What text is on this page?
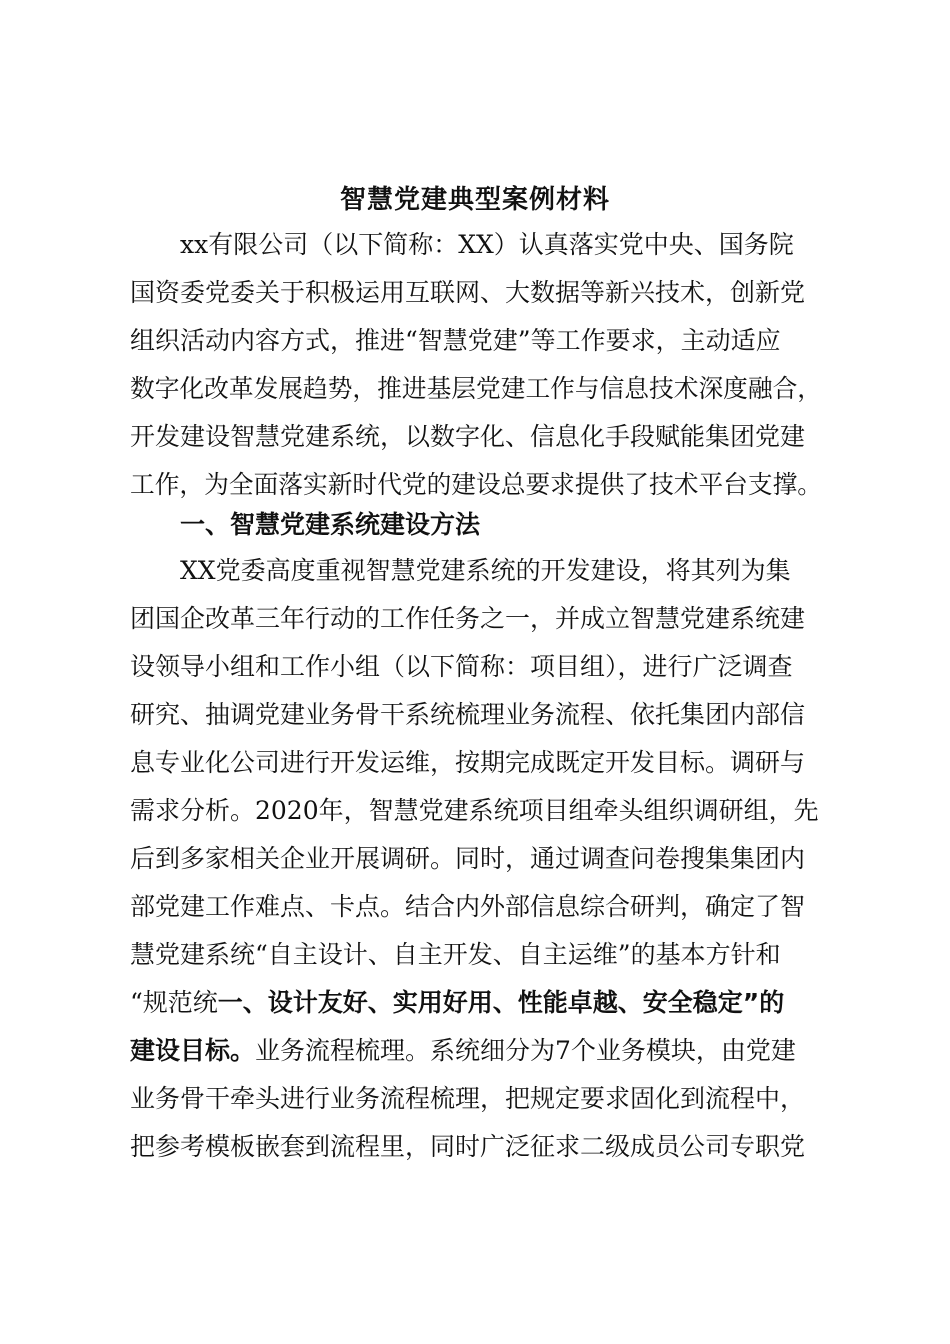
智慧党建典型案例材料
xx有限公司（以下简称：XX）认真落实党中央、国务院
国资委党委关于积极运用互联网、大数据等新兴技术，创新党
组织活动内容方式，推进“智慧党建”等工作要求，主动适应
数字化改革发展趋势，推进基层党建工作与信息技术深度融合，
开发建设智慧党建系统，以数字化、信息化手段赋能集团党建
工作，为全面落实新时代党的建设总要求提供了技术平台支撑。
一、智慧党建系统建设方法
XX党委高度重视智慧党建系统的开发建设，将其列为集
团国企改革三年行动的工作任务之一，并成立智慧党建系统建
设领导小组和工作小组（以下简称：项目组），进行广泛调查
研究、抽调党建业务骨干系统梳理业务流程、依托集团内部信
息专业化公司进行开发运维，按期完成既定开发目标。调研与
需求分析。2020年，智慧党建系统项目组牵头组织调研组，先
后到多家相关企业开展调研。同时，通过调查问卷搜集集团内
部党建工作难点、卡点。结合内外部信息综合研判，确定了智
慧党建系统“自主设计、自主开发、自主运维”的基本方针和
“规范统一、设计友好、实用好用、性能卓越、安全稳定”的
建设目标。业务流程梳理。系统细分为7个业务模块，由党建
业务骨干牵头进行业务流程梳理，把规定要求固化到流程中，
把参考模板嵌套到流程里，同时广泛征求二级成员公司专职党
